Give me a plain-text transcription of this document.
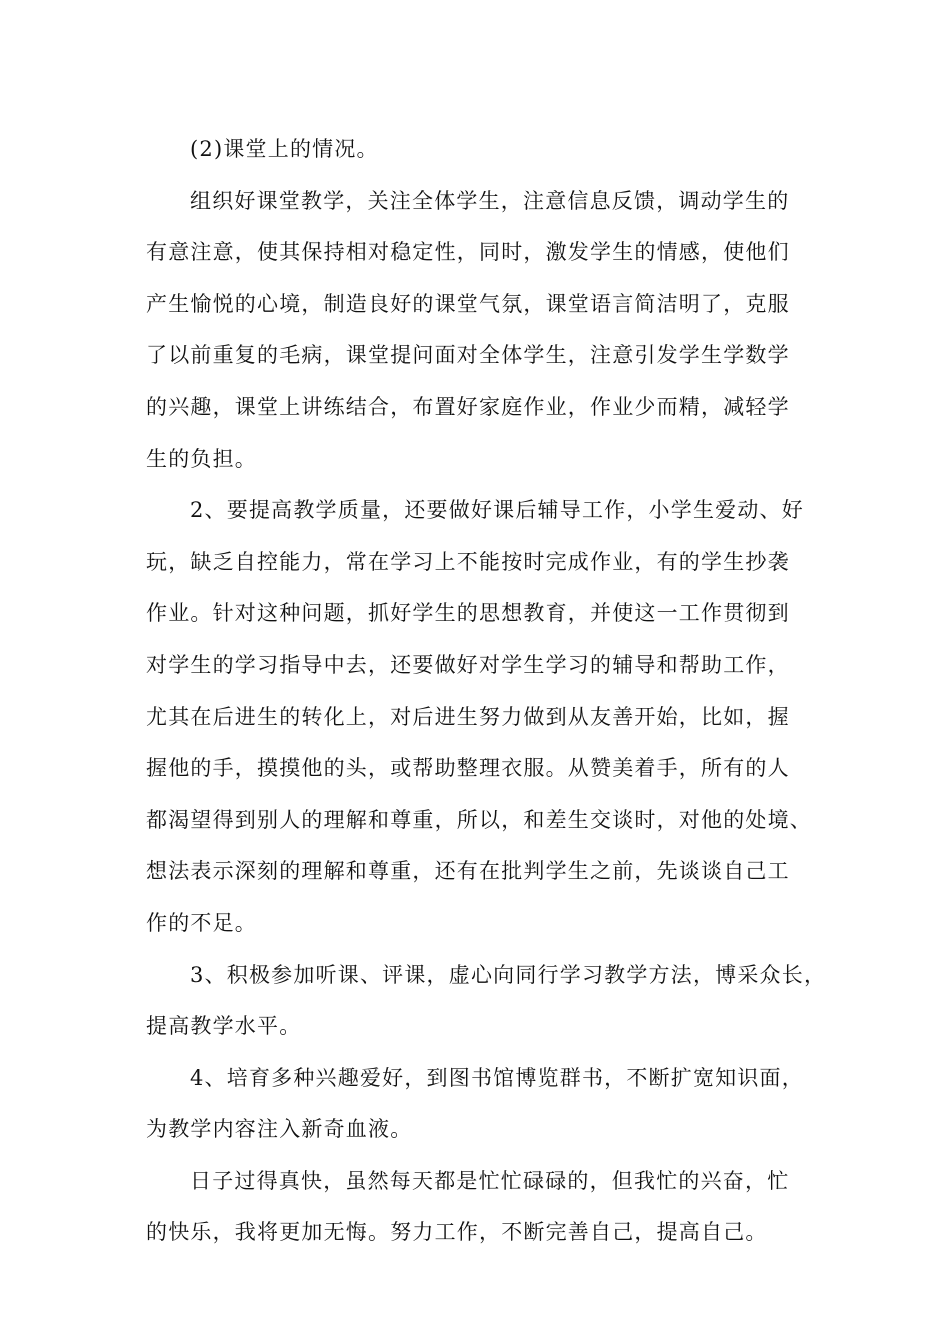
(2)课堂上的情况。
组织好课堂教学，关注全体学生，注意信息反馈，调动学生的
有意注意，使其保持相对稳定性，同时，激发学生的情感，使他们
产生愉悦的心境，制造良好的课堂气氛，课堂语言简洁明了，克服
了以前重复的毛病，课堂提问面对全体学生，注意引发学生学数学
的兴趣，课堂上讲练结合，布置好家庭作业，作业少而精，减轻学
生的负担。
2、要提高教学质量，还要做好课后辅导工作，小学生爱动、好
玩，缺乏自控能力，常在学习上不能按时完成作业，有的学生抄袭
作业。针对这种问题，抓好学生的思想教育，并使这一工作贯彻到
对学生的学习指导中去，还要做好对学生学习的辅导和帮助工作，
尤其在后进生的转化上，对后进生努力做到从友善开始，比如，握
握他的手，摸摸他的头，或帮助整理衣服。从赞美着手，所有的人
都渴望得到别人的理解和尊重，所以，和差生交谈时，对他的处境、
想法表示深刻的理解和尊重，还有在批判学生之前，先谈谈自己工
作的不足。
3、积极参加听课、评课，虚心向同行学习教学方法，博采众长，
提高教学水平。
4、培育多种兴趣爱好，到图书馆博览群书，不断扩宽知识面，
为教学内容注入新奇血液。
日子过得真快，虽然每天都是忙忙碌碌的，但我忙的兴奋，忙
的快乐，我将更加无悔。努力工作，不断完善自己，提高自己。
